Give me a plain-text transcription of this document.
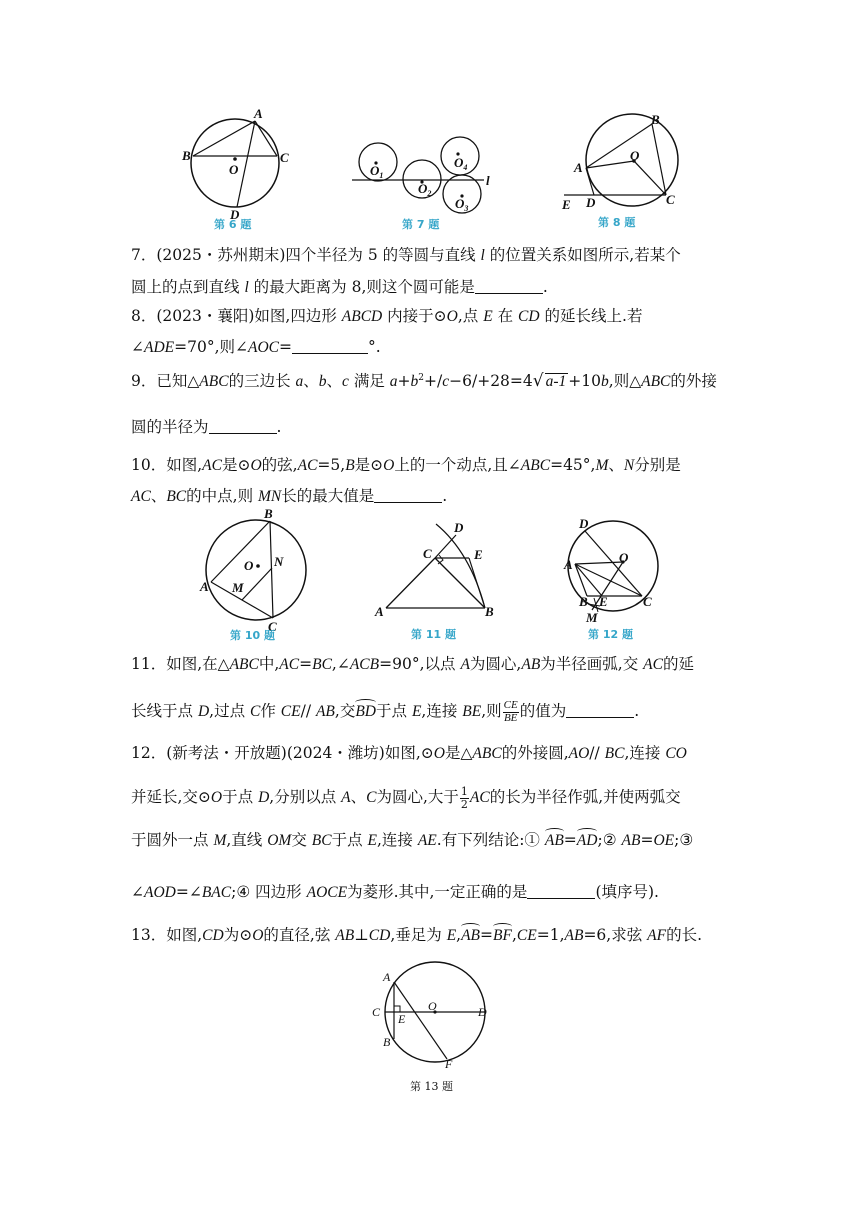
A
B	C
D
O
第 6 题
$O_1$
$O_2$
$O_3$
$O_4$
l
第 7 题
B
A
O
C
D
E
第 8 题
7．(2025・苏州期末)四个半径为 5 的等圆与直线 l 的位置关系如图所示,若某个
圆上的点到直线 l 的最大距离为 8,则这个圆可能是	.
8．(2023・襄阳)如图,四边形 ABCD 内接于⊙O,点 E 在 CD 的延长线上.若
∠ADE=70°,则∠AOC=	°.
9．已知△ABC的三边长 a、b、c 满足 $a+b^2+/c-6/+28=4√$ a-1 +10b,则△ABC的外接
圆的半径为	.
10．如图,AC是⊙O的弦,AC=5,B是⊙O上的一个动点,且∠ABC=45°,M、N分别是
AC、BC的中点,则 MN长的最大值是	.
B
A
C
M
N
O
第 10 题
D
C	E
A	B
第 11 题
D
A	O
B E	C
M
第 12 题
11．如图,在△ABC中,AC=BC,∠ACB=90°,以点 A为圆心,AB为半径画弧,交 AC的延
长线于点 D,过点 C作 CE// AB,交BD于点 E,连接 BE,则 $\frac{CE}{BE}$ 的值为	.
12．(新考法・开放题)(2024・潍坊)如图,⊙O是△ABC的外接圆,AO// BC,连接 CO
并延长,交⊙O于点 D,分别以点 A、C为圆心,大于 $\frac{1}{2}$ AC的长为半径作弧,并使两弧交
于圆外一点 M,直线 OM交 BC于点 E,连接 AE.有下列结论:① AB=AD;② AB=OE;③
∠AOD=∠BAC;④ 四边形 AOCE为菱形.其中,一定正确的是	(填序号).
13．如图,CD为⊙O的直径,弦 AB⊥CD,垂足为 E,AB=BF,CE=1,AB=6,求弦 AF的长.
A
C E
O	D
B
F
第 13 题
